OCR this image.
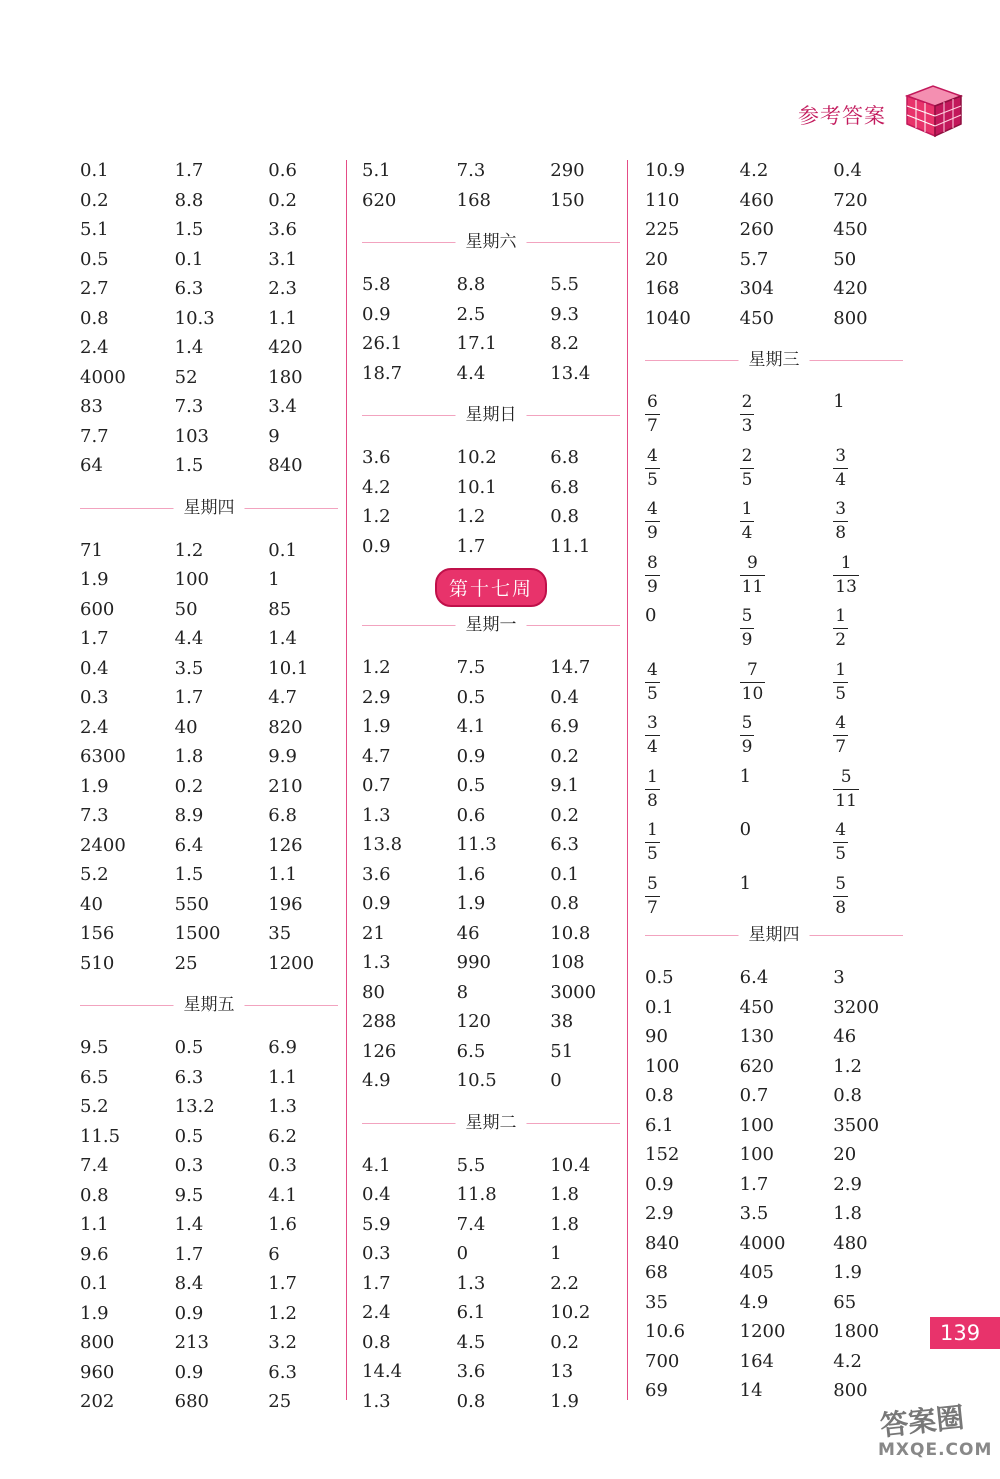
参考答案
0.1	1.7	0.6
0.2	8.8	0.2
5.1	1.5	3.6
0.5	0.1	3.1
2.7	6.3	2.3
0.8	10.3	1.1
2.4	1.4	420
4000	52	180
83	7.3	3.4
7.7	103	9
64	1.5	840
星期四
71	1.2	0.1
1.9	100	1
600	50	85
1.7	4.4	1.4
0.4	3.5	10.1
0.3	1.7	4.7
2.4	40	820
6300	1.8	9.9
1.9	0.2	210
7.3	8.9	6.8
2400	6.4	126
5.2	1.5	1.1
40	550	196
156	1500	35
510	25	1200
星期五
9.5	0.5	6.9
6.5	6.3	1.1
5.2	13.2	1.3
11.5	0.5	6.2
7.4	0.3	0.3
0.8	9.5	4.1
1.1	1.4	1.6
9.6	1.7	6
0.1	8.4	1.7
1.9	0.9	1.2
800	213	3.2
960	0.9	6.3
202	680	25
5.1	7.3	290
620	168	150
星期六
5.8	8.8	5.5
0.9	2.5	9.3
26.1	17.1	8.2
18.7	4.4	13.4
星期日
3.6	10.2	6.8
4.2	10.1	6.8
1.2	1.2	0.8
0.9	1.7	11.1
第十七周
星期一
1.2	7.5	14.7
2.9	0.5	0.4
1.9	4.1	6.9
4.7	0.9	0.2
0.7	0.5	9.1
1.3	0.6	0.2
13.8	11.3	6.3
3.6	1.6	0.1
0.9	1.9	0.8
21	46	10.8
1.3	990	108
80	8	3000
288	120	38
126	6.5	51
4.9	10.5	0
星期二
4.1	5.5	10.4
0.4	11.8	1.8
5.9	7.4	1.8
0.3	0	1
1.7	1.3	2.2
2.4	6.1	10.2
0.8	4.5	0.2
14.4	3.6	13
1.3	0.8	1.9
10.9	4.2	0.4
110	460	720
225	260	450
20	5.7	50
168	304	420
1040	450	800
星期三
$\frac{6}{7}$	$\frac{2}{3}$	1
$\frac{4}{5}$	$\frac{2}{5}$	$\frac{3}{4}$
$\frac{4}{9}$	$\frac{1}{4}$	$\frac{3}{8}$
$\frac{8}{9}$	$\frac{9}{11}$	$\frac{1}{13}$
0	$\frac{5}{9}$	$\frac{1}{2}$
$\frac{4}{5}$	$\frac{7}{10}$	$\frac{1}{5}$
$\frac{3}{4}$	$\frac{5}{9}$	$\frac{4}{7}$
$\frac{1}{8}$	1	$\frac{5}{11}$
$\frac{1}{5}$	0	$\frac{4}{5}$
$\frac{5}{7}$	1	$\frac{5}{8}$
星期四
0.5	6.4	3
0.1	450	3200
90	130	46
100	620	1.2
0.8	0.7	0.8
6.1	100	3500
152	100	20
0.9	1.7	2.9
2.9	3.5	1.8
840	4000	480
68	405	1.9
35	4.9	65
10.6	1200	1800
700	164	4.2
69	14	800
139
答案圈
MXQE.COM
